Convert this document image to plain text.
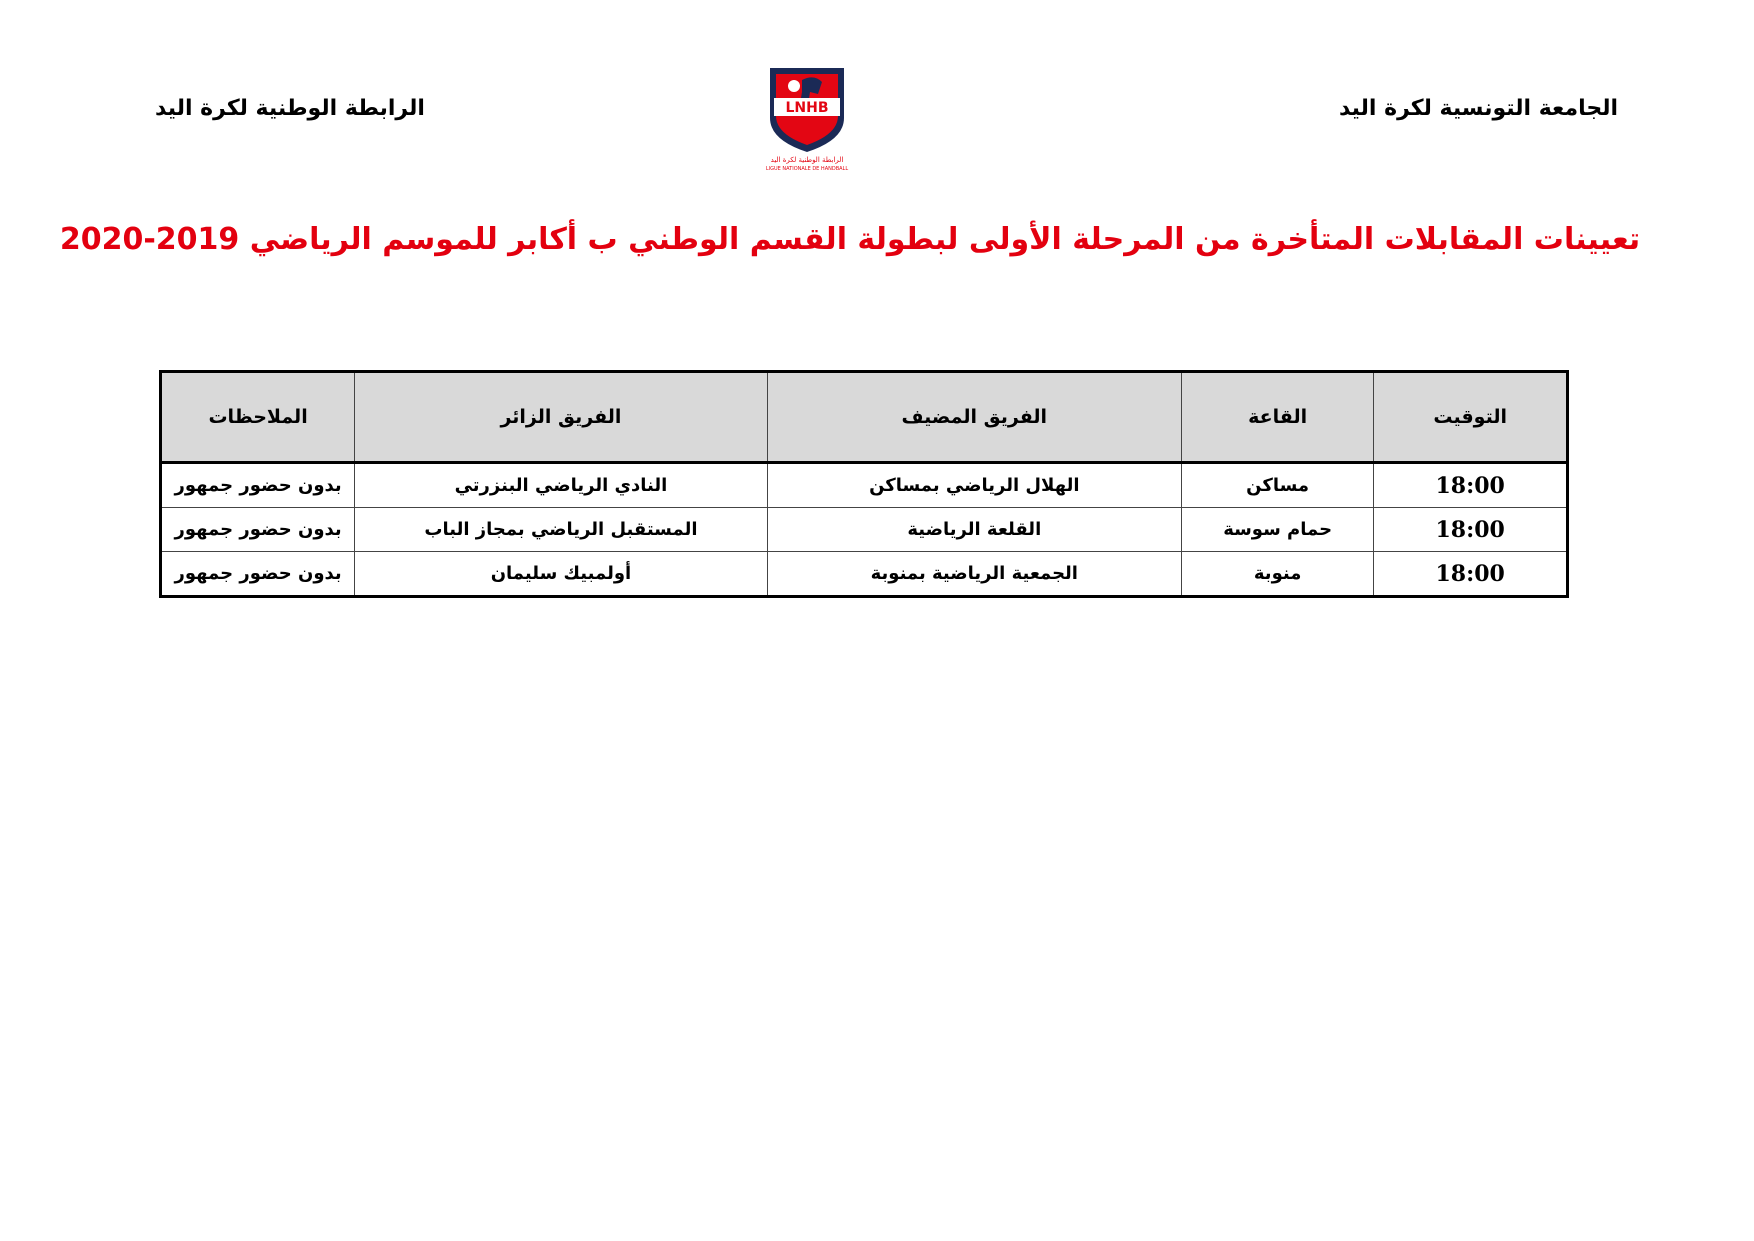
الجامعة التونسية لكرة اليد
LNHB
الرابطة الوطنية لكرة اليد
LIGUE NATIONALE DE HANDBALL
الرابطة الوطنية لكرة اليد
تعيينات المقابلات المتأخرة من المرحلة الأولى لبطولة القسم الوطني ب أكابر للموسم الرياضي 2019-2020
التوقيت	القاعة	الفريق المضيف	الفريق الزائر	الملاحظات
18:00	مساكن	الهلال الرياضي بمساكن	النادي الرياضي البنزرتي	بدون حضور جمهور
18:00	حمام سوسة	القلعة الرياضية	المستقبل الرياضي بمجاز الباب	بدون حضور جمهور
18:00	منوبة	الجمعية الرياضية بمنوبة	أولمبيك سليمان	بدون حضور جمهور
